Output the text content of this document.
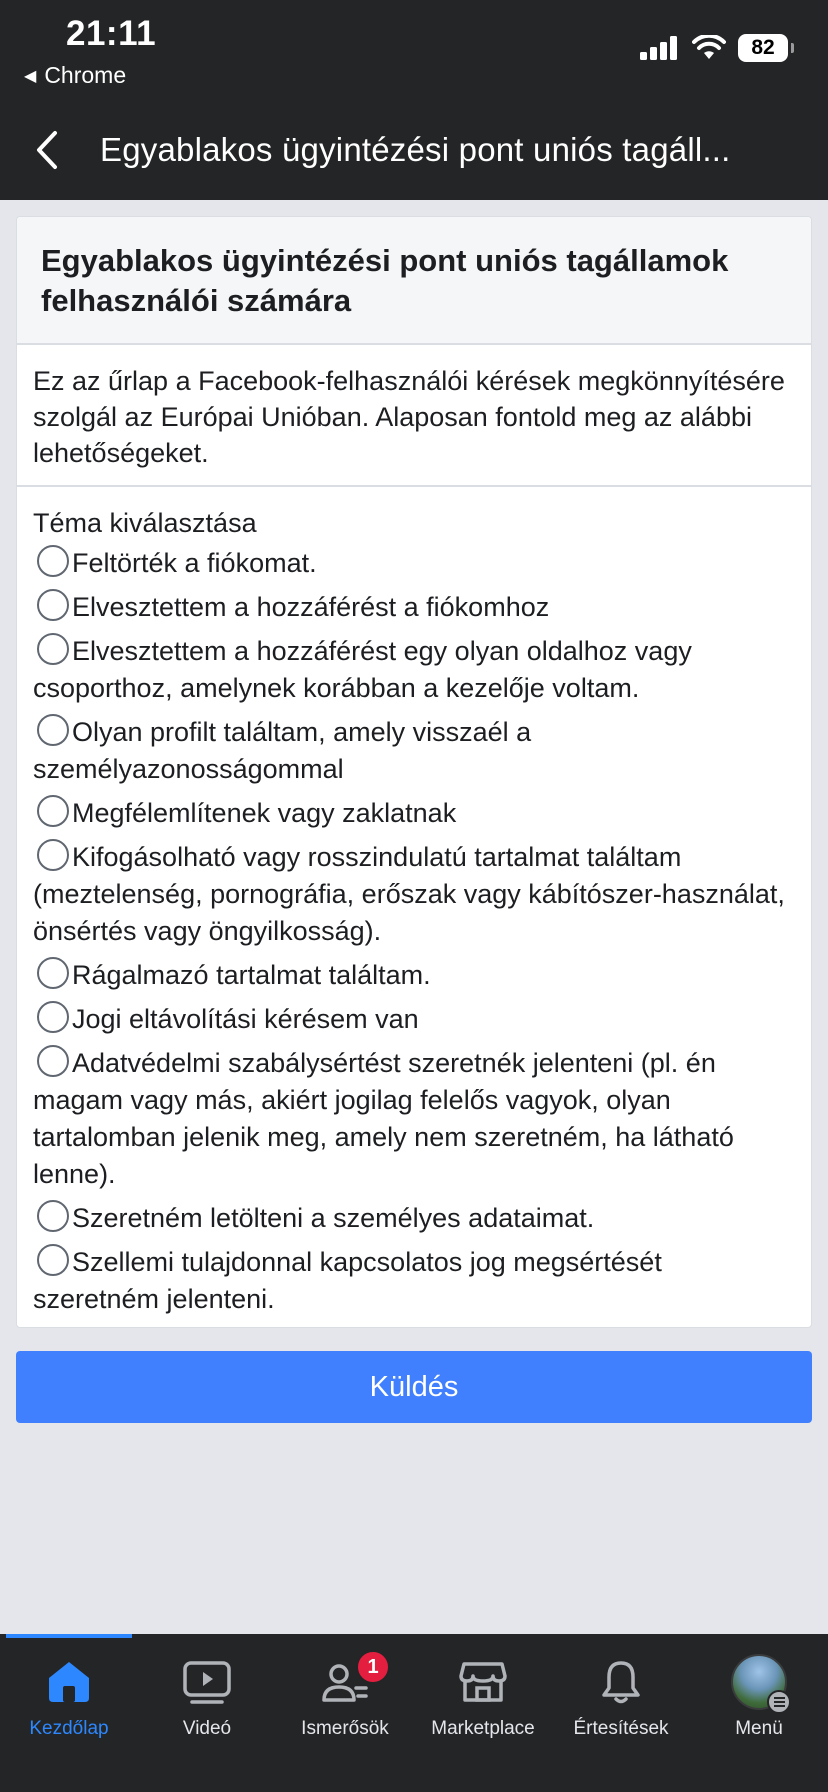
21:11
◀ Chrome
82
Egyablakos ügyintézési pont uniós tagáll...
Egyablakos ügyintézési pont uniós tagállamok felhasználói számára
Ez az űrlap a Facebook-felhasználói kérések megkönnyítésére szolgál az Európai Unióban. Alaposan fontold meg az alábbi lehetőségeket.
Téma kiválasztása
Feltörték a fiókomat.
Elvesztettem a hozzáférést a fiókomhoz
Elvesztettem a hozzáférést egy olyan oldalhoz vagy csoporthoz, amelynek korábban a kezelője voltam.
Olyan profilt találtam, amely visszaél a személyazonosságommal
Megfélemlítenek vagy zaklatnak
Kifogásolható vagy rosszindulatú tartalmat találtam (meztelenség, pornográfia, erőszak vagy kábítószer-használat, önsértés vagy öngyilkosság).
Rágalmazó tartalmat találtam.
Jogi eltávolítási kérésem van
Adatvédelmi szabálysértést szeretnék jelenteni (pl. én magam vagy más, akiért jogilag felelős vagyok, olyan tartalomban jelenik meg, amely nem szeretném, ha látható lenne).
Szeretném letölteni a személyes adataimat.
Szellemi tulajdonnal kapcsolatos jog megsértését szeretném jelenteni.
Küldés
Kezdőlap	Videó
1
Ismerősök Marketplace Értesítések	Menü
